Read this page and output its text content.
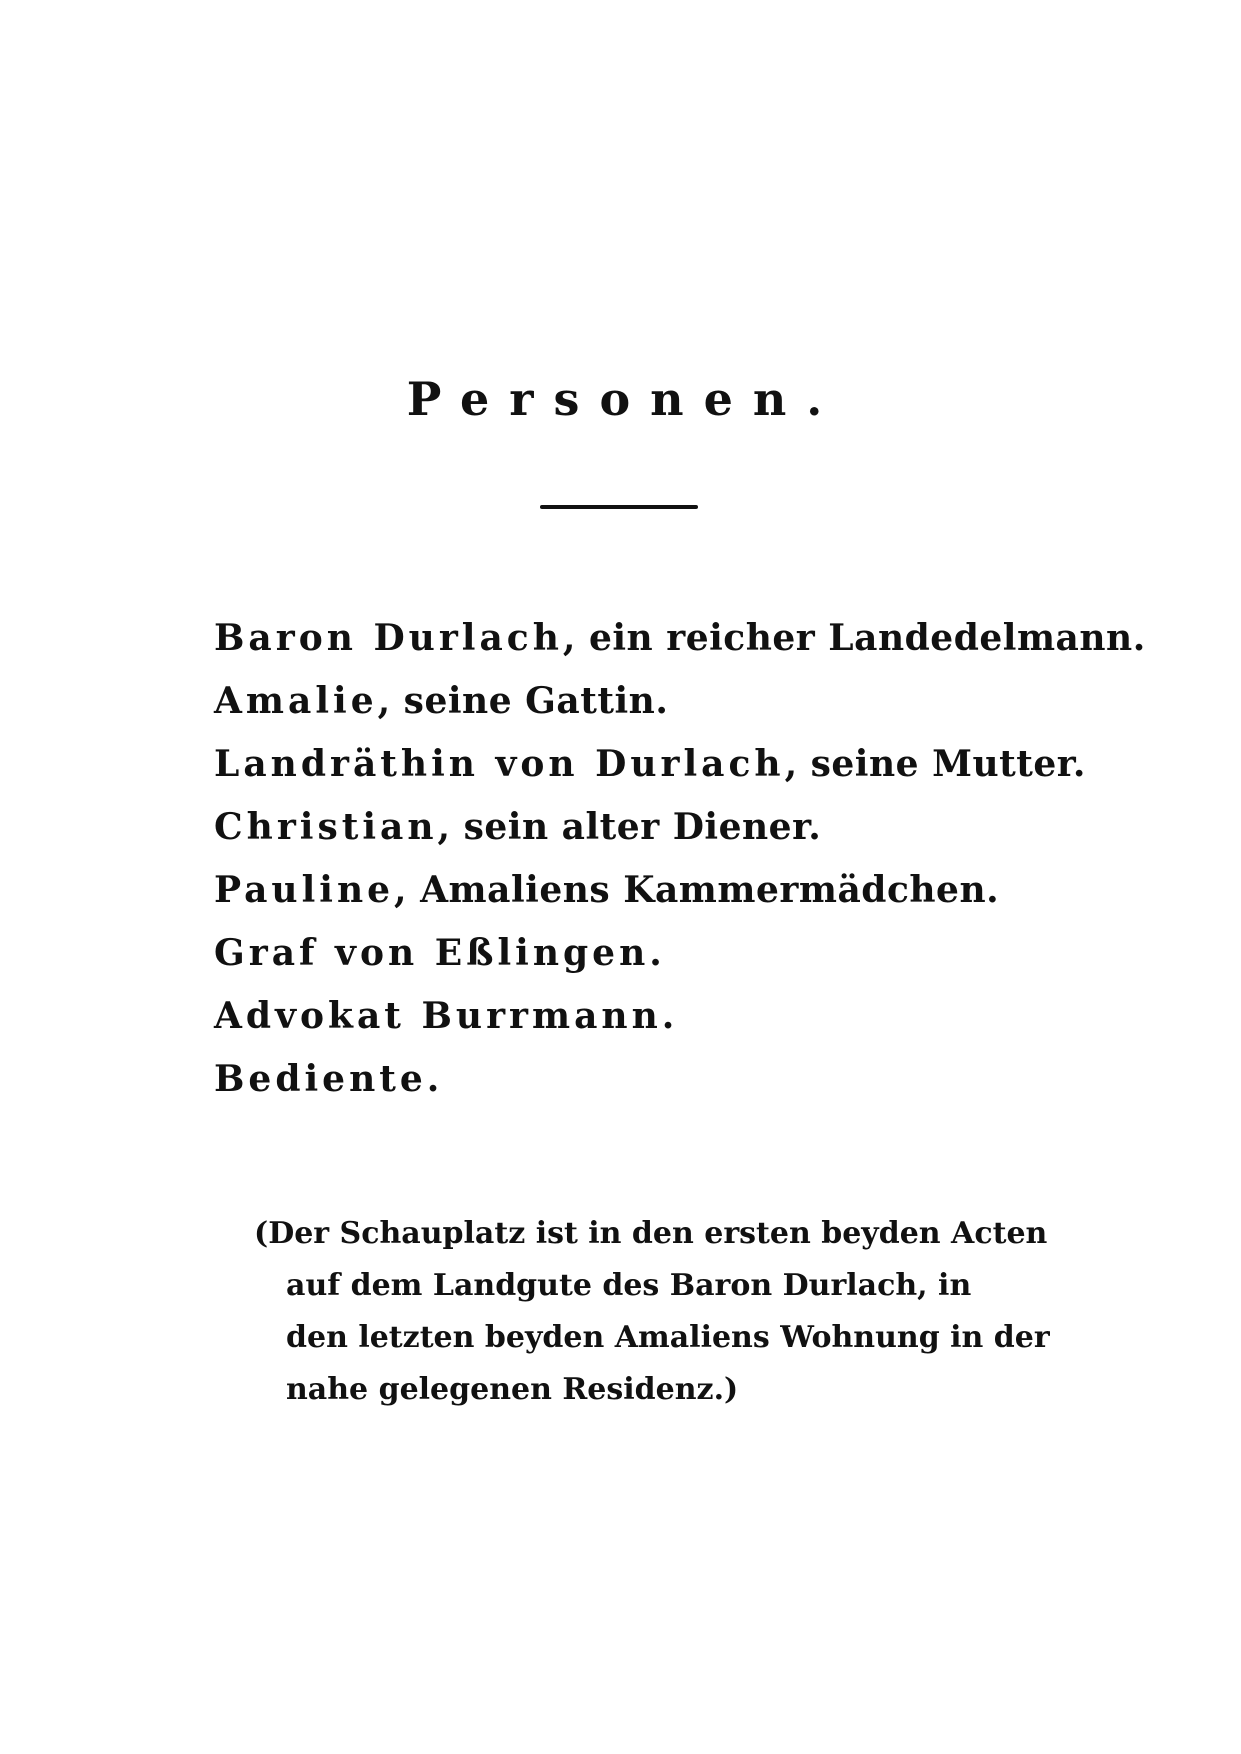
Personen.
Baron Durlach, ein reicher Landedelmann.
Amalie, seine Gattin.
Landräthin von Durlach, seine Mutter.
Christian, sein alter Diener.
Pauline, Amaliens Kammermädchen.
Graf von Eßlingen.
Advokat Burrmann.
Bediente.
(Der Schauplatz ist in den ersten beyden Acten
auf dem Landgute des Baron Durlach, in
den letzten beyden Amaliens Wohnung in der
nahe gelegenen Residenz.)
